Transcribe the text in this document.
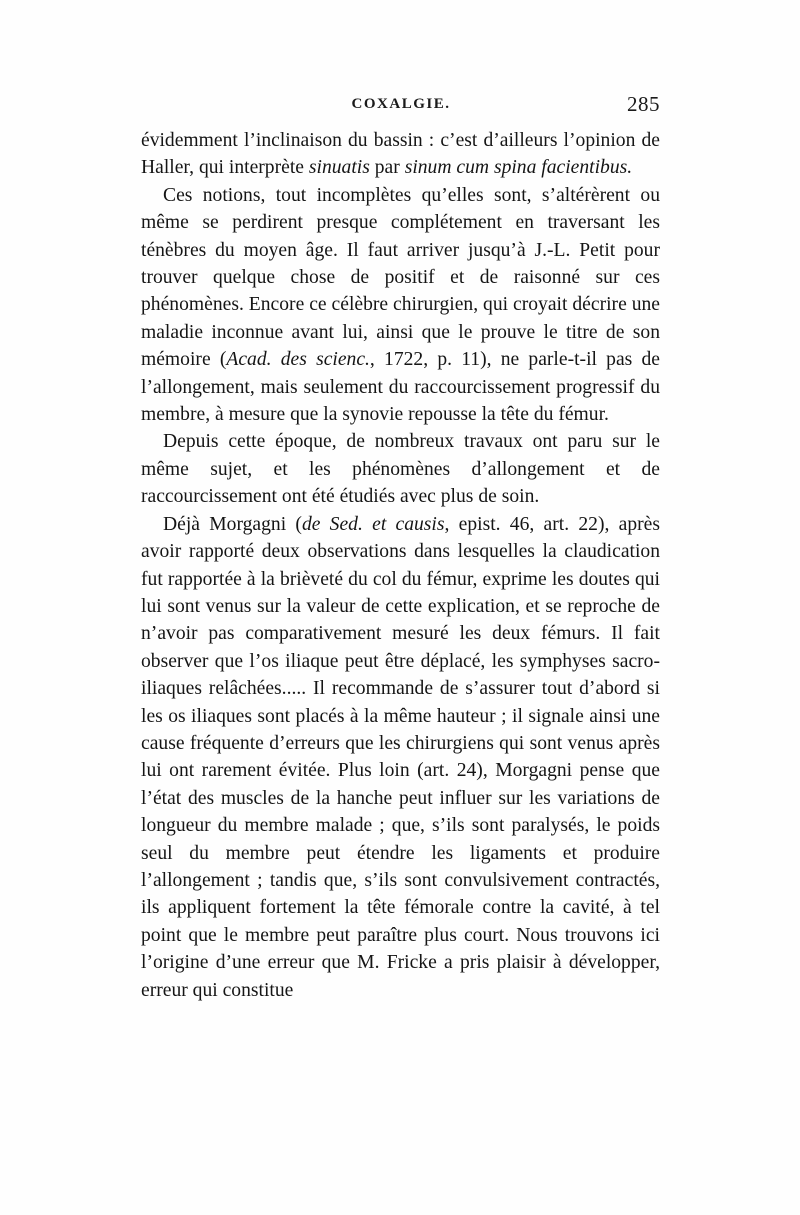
COXALGIE.	285

évidemment l’inclinaison du bassin : c’est d’ailleurs l’opinion de Haller, qui interprète sinuatis par sinum cum spina facientibus.

Ces notions, tout incomplètes qu’elles sont, s’altérèrent ou même se perdirent presque complétement en traversant les ténèbres du moyen âge. Il faut arriver jusqu’à J.-L. Petit pour trouver quelque chose de positif et de raisonné sur ces phénomènes. Encore ce célèbre chirurgien, qui croyait décrire une maladie inconnue avant lui, ainsi que le prouve le titre de son mémoire (Acad. des scienc., 1722, p. 11), ne parle-t-il pas de l’allongement, mais seulement du raccourcissement progressif du membre, à mesure que la synovie repousse la tête du fémur.

Depuis cette époque, de nombreux travaux ont paru sur le même sujet, et les phénomènes d’allongement et de raccourcissement ont été étudiés avec plus de soin.

Déjà Morgagni (de Sed. et causis, epist. 46, art. 22), après avoir rapporté deux observations dans lesquelles la claudication fut rapportée à la brièveté du col du fémur, exprime les doutes qui lui sont venus sur la valeur de cette explication, et se reproche de n’avoir pas comparativement mesuré les deux fémurs. Il fait observer que l’os iliaque peut être déplacé, les symphyses sacro-iliaques relâchées..... Il recommande de s’assurer tout d’abord si les os iliaques sont placés à la même hauteur ; il signale ainsi une cause fréquente d’erreurs que les chirurgiens qui sont venus après lui ont rarement évitée. Plus loin (art. 24), Morgagni pense que l’état des muscles de la hanche peut influer sur les variations de longueur du membre malade ; que, s’ils sont paralysés, le poids seul du membre peut étendre les ligaments et produire l’allongement ; tandis que, s’ils sont convulsivement contractés, ils appliquent fortement la tête fémorale contre la cavité, à tel point que le membre peut paraître plus court. Nous trouvons ici l’origine d’une erreur que M. Fricke a pris plaisir à développer, erreur qui constitue
